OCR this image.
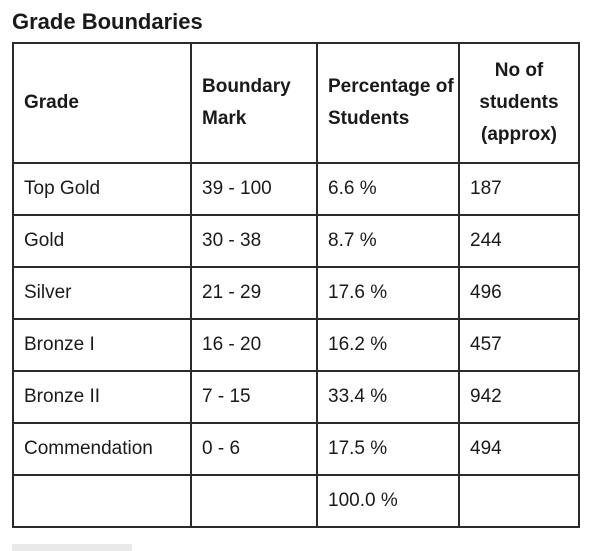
Grade Boundaries
Grade	Boundary Mark	Percentage of Students	No of students (approx)
Top Gold	39 - 100	6.6 %	187
Gold	30 - 38	8.7 %	244
Silver	21 - 29	17.6 %	496
Bronze I	16 - 20	16.2 %	457
Bronze II	7 - 15	33.4 %	942
Commendation	0 - 6	17.5 %	494
		100.0 %	
